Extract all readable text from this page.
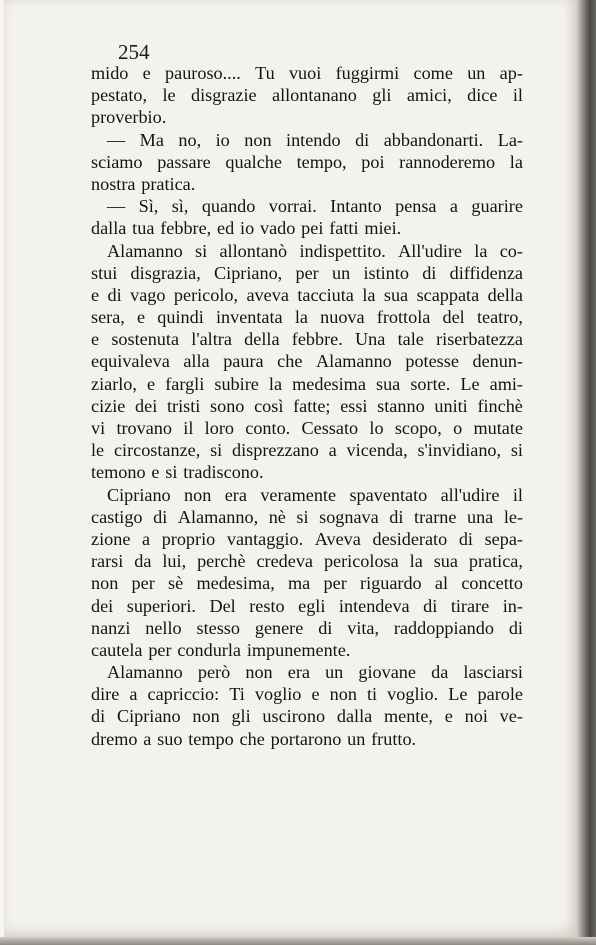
254
mido e pauroso.... Tu vuoi fuggirmi come un ap-
pestato, le disgrazie allontanano gli amici, dice il
proverbio.
— Ma no, io non intendo di abbandonarti. La-
sciamo passare qualche tempo, poi rannoderemo la
nostra pratica.
— Sì, sì, quando vorrai. Intanto pensa a guarire
dalla tua febbre, ed io vado pei fatti miei.
Alamanno si allontanò indispettito. All'udire la co-
stui disgrazia, Cipriano, per un istinto di diffidenza
e di vago pericolo, aveva tacciuta la sua scappata della
sera, e quindi inventata la nuova frottola del teatro,
e sostenuta l'altra della febbre. Una tale riserbatezza
equivaleva alla paura che Alamanno potesse denun-
ziarlo, e fargli subire la medesima sua sorte. Le ami-
cizie dei tristi sono così fatte; essi stanno uniti finchè
vi trovano il loro conto. Cessato lo scopo, o mutate
le circostanze, si disprezzano a vicenda, s'invidiano, si
temono e si tradiscono.
Cipriano non era veramente spaventato all'udire il
castigo di Alamanno, nè si sognava di trarne una le-
zione a proprio vantaggio. Aveva desiderato di sepa-
rarsi da lui, perchè credeva pericolosa la sua pratica,
non per sè medesima, ma per riguardo al concetto
dei superiori. Del resto egli intendeva di tirare in-
nanzi nello stesso genere di vita, raddoppiando di
cautela per condurla impunemente.
Alamanno però non era un giovane da lasciarsi
dire a capriccio: Ti voglio e non ti voglio. Le parole
di Cipriano non gli uscirono dalla mente, e noi ve-
dremo a suo tempo che portarono un frutto.
